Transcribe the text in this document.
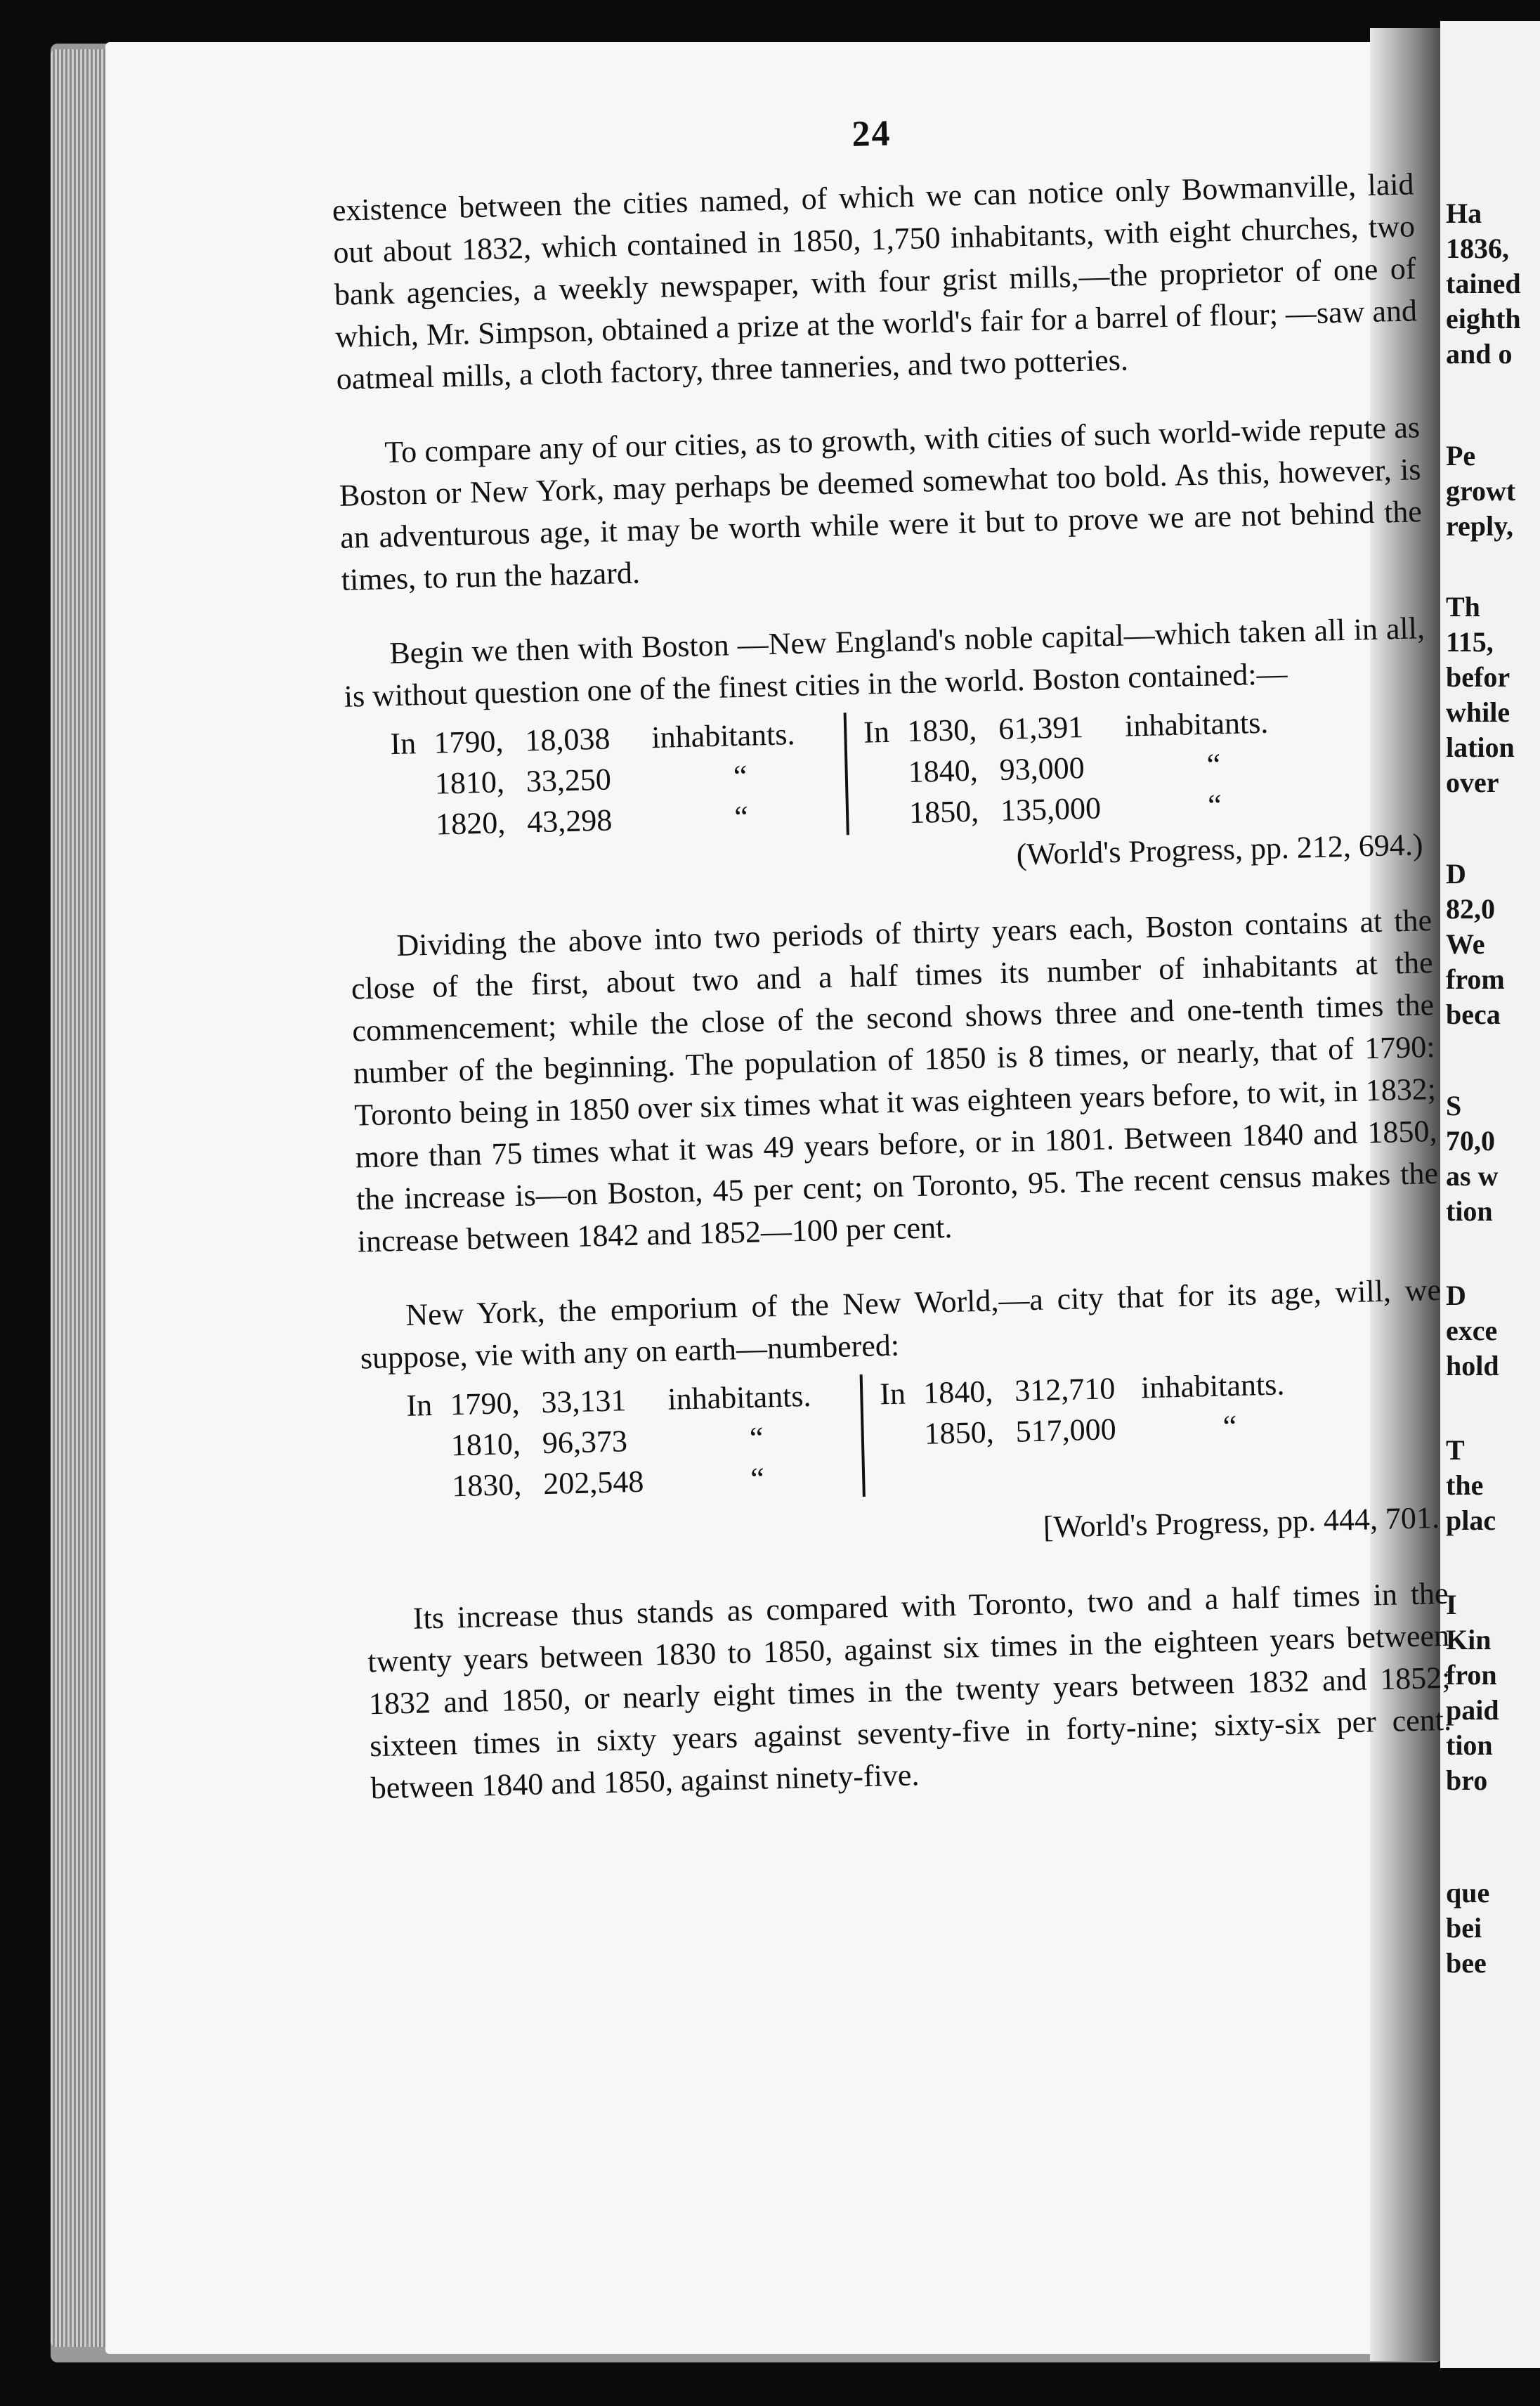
Ha
1836,
tained
eighth
and o
Pe
growt
reply,
Th
115,
befor
while
lation
over
D
82,0
We
from
beca
S
70,0
as w
tion
D
exce
hold
T
the
plac
I
Kin
fron
paid
tion
bro
que
bei
bee
24

existence between the cities named, of which we can notice only Bowmanville, laid out about 1832, which contained in 1850, 1,750 inhabitants, with eight churches, two bank agencies, a weekly newspaper, with four grist mills,—the proprietor of one of which, Mr. Simpson, obtained a prize at the world's fair for a barrel of flour; —saw and oatmeal mills, a cloth factory, three tanneries, and two potteries.

To compare any of our cities, as to growth, with cities of such world-wide repute as Boston or New York, may perhaps be deemed somewhat too bold. As this, however, is an adventurous age, it may be worth while were it but to prove we are not behind the times, to run the hazard.

Begin we then with Boston —New England's noble capital—which taken all in all, is without question one of the finest cities in the world. Boston contained:—

In 1790, 18,038 inhabitants.
1810, 33,250	“
1820, 43,298	“
In 1830, 61,391 inhabitants.
1840, 93,000	“
1850, 135,000	“
(World's Progress, pp. 212, 694.)

Dividing the above into two periods of thirty years each, Boston contains at the close of the first, about two and a half times its number of inhabitants at the commencement; while the close of the second shows three and one-tenth times the number of the beginning. The population of 1850 is 8 times, or nearly, that of 1790: Toronto being in 1850 over six times what it was eighteen years before, to wit, in 1832; more than 75 times what it was 49 years before, or in 1801. Between 1840 and 1850, the increase is—on Boston, 45 per cent; on Toronto, 95. The recent census makes the increase between 1842 and 1852—100 per cent.

New York, the emporium of the New World,—a city that for its age, will, we suppose, vie with any on earth—numbered:

In 1790, 33,131 inhabitants.
1810, 96,373	“
1830, 202,548	“
In 1840, 312,710 inhabitants.
1850, 517,000	“
[World's Progress, pp. 444, 701.

Its increase thus stands as compared with Toronto, two and a half times in the twenty years between 1830 to 1850, against six times in the eighteen years between 1832 and 1850, or nearly eight times in the twenty years between 1832 and 1852; sixteen times in sixty years against seventy-five in forty-nine; sixty-six per cent. between 1840 and 1850, against ninety-five.
